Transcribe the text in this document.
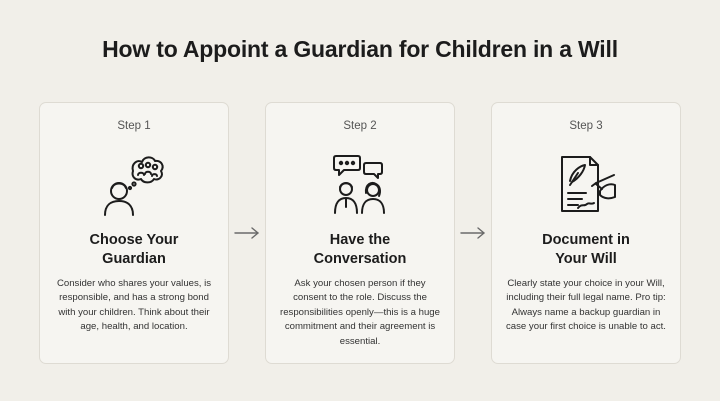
How to Appoint a Guardian for Children in a Will
Step 1
Choose Your
Guardian
Consider who shares your values, is responsible, and has a strong bond with your children. Think about their age, health, and location.
Step 2
Have the
Conversation
Ask your chosen person if they consent to the role. Discuss the responsibilities openly—this is a huge commitment and their agreement is essential.
Step 3
Document in
Your Will
Clearly state your choice in your Will, including their full legal name. Pro tip: Always name a backup guardian in case your first choice is unable to act.
